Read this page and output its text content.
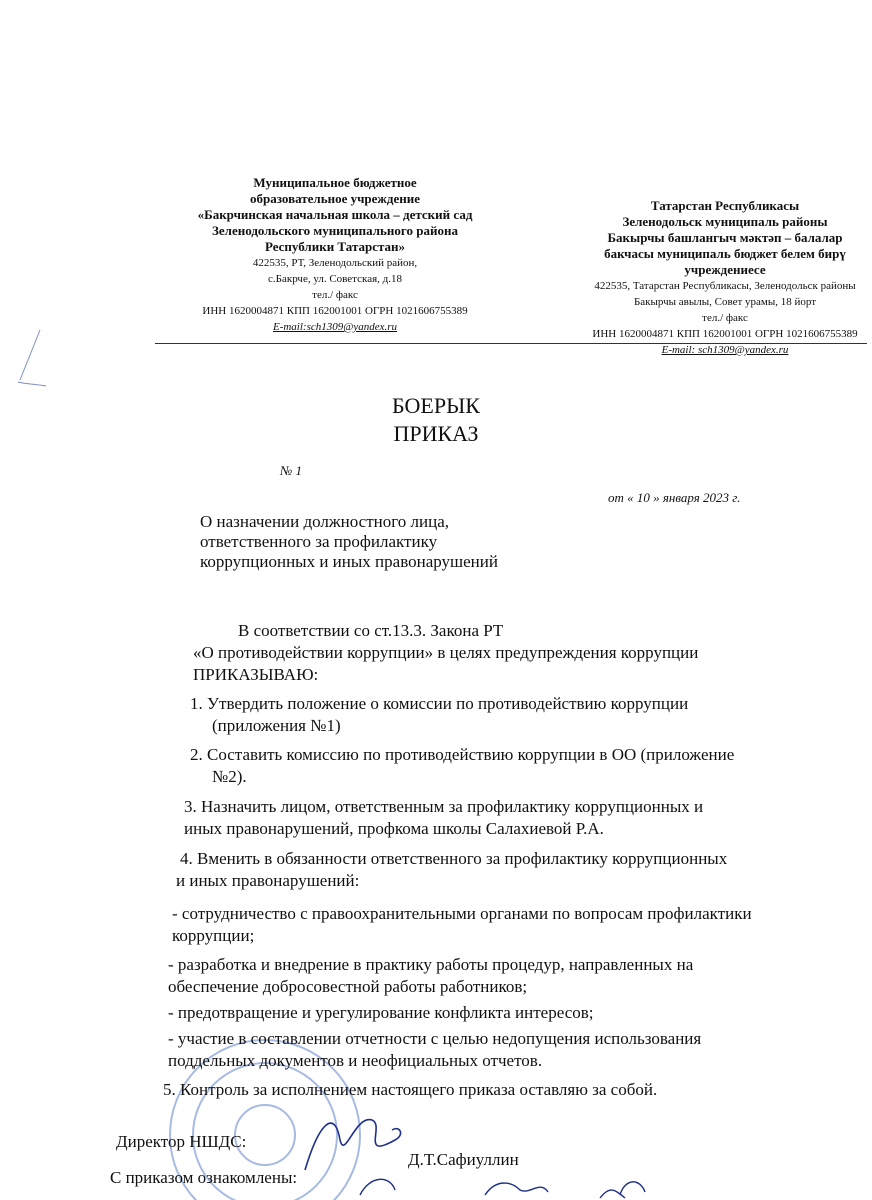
Муниципальное бюджетное
образовательное учреждение
«Бакрчинская начальная школа – детский сад
Зеленодольского муниципального района
Республики Татарстан»
422535, РТ, Зеленодольский район,
с.Бакрче, ул. Советская, д.18
тел./ факс
ИНН 1620004871 КПП 162001001 ОГРН 1021606755389
E-mail:sch1309@yandex.ru
Татарстан Республикасы
Зеленодольск муниципаль районы
Бакырчы башлангыч мәктәп – балалар
бакчасы муниципаль бюджет белем бирү
учреждениесе
422535, Татарстан Республикасы, Зеленодольск районы
Бакырчы авылы, Совет урамы, 18 йорт
тел./ факс
ИНН 1620004871 КПП 162001001 ОГРН 1021606755389
E-mail: sch1309@yandex.ru
БОЕРЫК
ПРИКАЗ
№ 1
от « 10 » января 2023 г.
О назначении должностного лица,
ответственного за профилактику
коррупционных и иных правонарушений
В соответствии со ст.13.3. Закона РТ
«О противодействии коррупции» в целях предупреждения коррупции
ПРИКАЗЫВАЮ:
1. Утвердить положение о комиссии по противодействию коррупции
(приложения №1)
2. Составить комиссию по противодействию коррупции в ОО (приложение
№2).
3. Назначить лицом, ответственным за профилактику коррупционных и
иных правонарушений, профкома школы Салахиевой Р.А.
4. Вменить в обязанности ответственного за профилактику коррупционных
и иных правонарушений:
- сотрудничество с правоохранительными органами по вопросам профилактики
коррупции;
- разработка и внедрение в практику работы процедур, направленных на
обеспечение добросовестной работы работников;
- предотвращение и урегулирование конфликта интересов;
- участие в составлении отчетности с целью недопущения использования
поддельных документов и неофициальных отчетов.
5. Контроль за исполнением настоящего приказа оставляю за собой.
Директор НШДС:
Д.Т.Сафиуллин
С приказом ознакомлены:
